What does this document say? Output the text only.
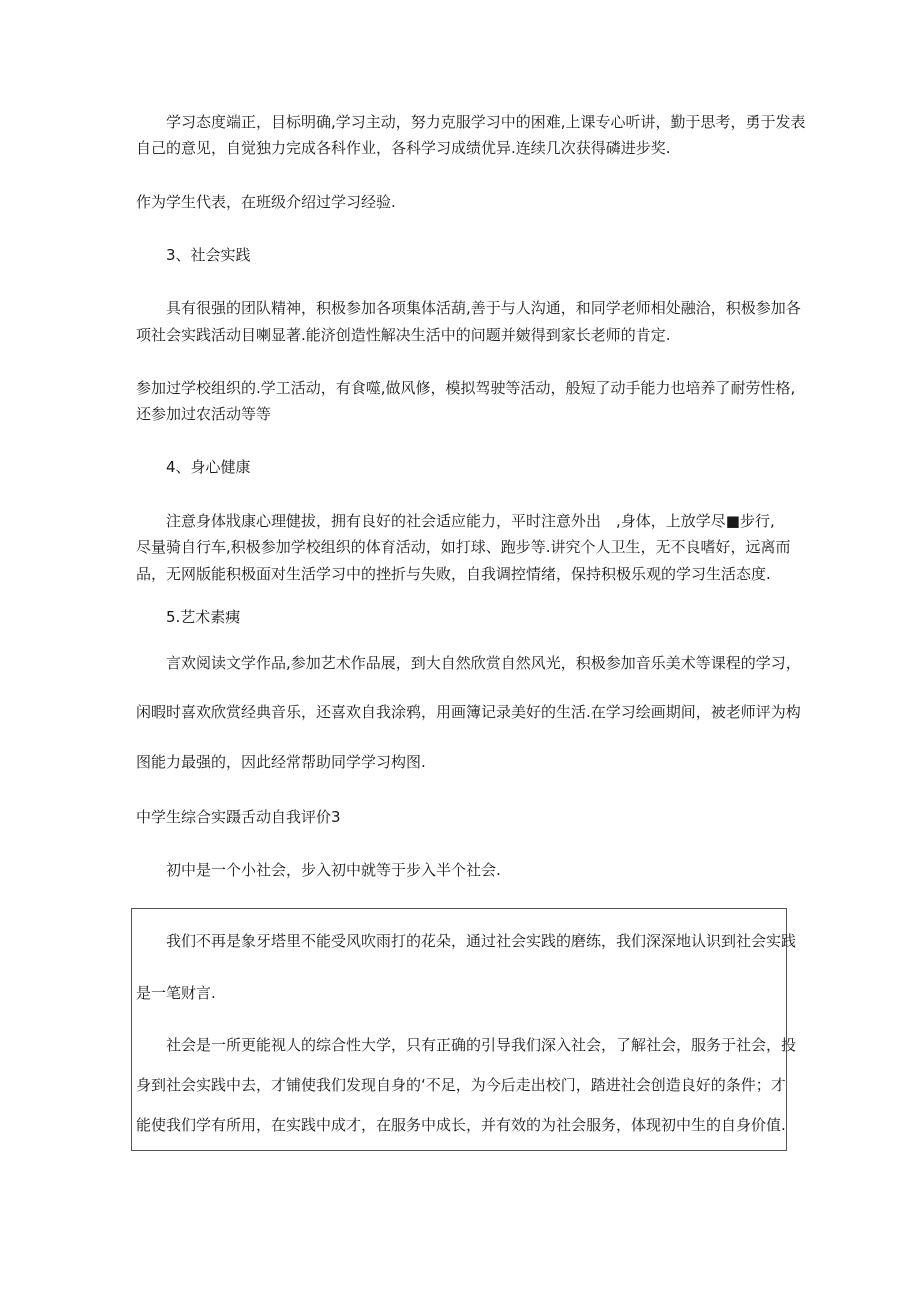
学习态度端正，目标明确,学习主动，努力克服学习中的困难,上课专心听讲，勤于思考，勇于发表

自己的意见，自觉独力完成各科作业，各科学习成绩优异.连续几次获得磷进步奖.

作为学生代表，在班级介绍过学习经验.

3、社会实践

具有很强的团队精神，积极参加各项集体活葫,善于与人沟通，和同学老师相处融洽，积极参加各

项社会实践活动目喇显著.能济创造性解决生活中的问题并皴得到家长老师的肯定.

参加过学校组织的.学工活动，有食噬,做风修，模拟驾驶等活动，般短了动手能力也培养了耐劳性格,

还参加过农活动等等

4、身心健康

注意身体戕康心理健拔，拥有良好的社会适应能力，平时注意外出　,身体，上放学尽■步行,

尽量骑自行车,积极参加学校组织的体育活动，如打球、跑步等.讲究个人卫生，无不良嗜好，远离而

品，无网版能积极面对生活学习中的挫折与失败，自我调控情绪，保持积极乐观的学习生活态度.

5.艺术素痍

言欢阅读文学作品,参加艺术作品展，到大自然欣赏自然风光，积极参加音乐美术等课程的学习，

闲暇时喜欢欣赏经典音乐，还喜欢自我涂鸦，用画簿记录美好的生活.在学习绘画期间，被老师评为构

图能力最强的，因此经常帮助同学学习构图.

中学生综合实蹑舌动自我评价3

初中是一个小社会，步入初中就等于步入半个社会.

我们不再是象牙塔里不能受风吹雨打的花朵，通过社会实践的磨练，我们深深地认识到社会实践

是一笔财言.

社会是一所更能视人的综合性大学，只有正确的引导我们深入社会，了解社会，服务于社会，投

身到社会实践中去，才铺使我们发现自身的‘不足，为今后走出校门，踏进社会创造良好的条件；才

能使我们学有所用，在实践中成才，在服务中成长，并有效的为社会服务，体现初中生的自身价值.
